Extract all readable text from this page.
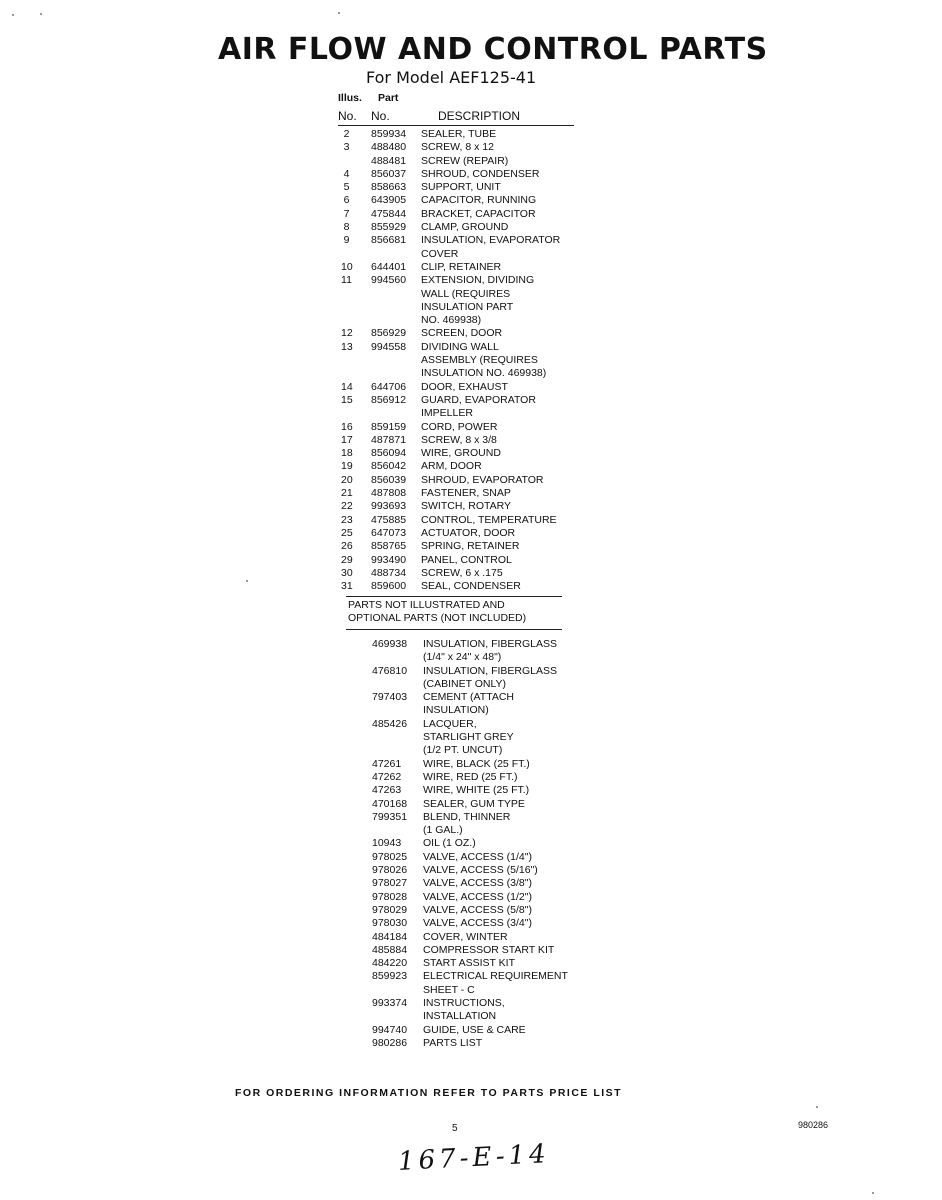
AIR FLOW AND CONTROL PARTS
For Model AEF125-41
Illus. Part
No. No.	DESCRIPTION
2	859934	SEALER, TUBE
3	488480	SCREW, 8 x 12
488481	SCREW (REPAIR)
4	856037	SHROUD, CONDENSER
5	858663	SUPPORT, UNIT
6	643905	CAPACITOR, RUNNING
7	475844	BRACKET, CAPACITOR
8	855929	CLAMP, GROUND
9	856681	INSULATION, EVAPORATOR
COVER
10	644401	CLIP, RETAINER
11	994560	EXTENSION, DIVIDING
WALL (REQUIRES
INSULATION PART
NO. 469938)
12	856929	SCREEN, DOOR
13	994558	DIVIDING WALL
ASSEMBLY (REQUIRES
INSULATION NO. 469938)
14	644706	DOOR, EXHAUST
15	856912	GUARD, EVAPORATOR
IMPELLER
16	859159	CORD, POWER
17	487871	SCREW, 8 x 3/8
18	856094	WIRE, GROUND
19	856042	ARM, DOOR
20	856039	SHROUD, EVAPORATOR
21	487808	FASTENER, SNAP
22	993693	SWITCH, ROTARY
23	475885	CONTROL, TEMPERATURE
25	647073	ACTUATOR, DOOR
26	858765	SPRING, RETAINER
29	993490	PANEL, CONTROL
30	488734	SCREW, 6 x .175
31	859600	SEAL, CONDENSER
PARTS NOT ILLUSTRATED AND
OPTIONAL PARTS (NOT INCLUDED)
469938	INSULATION, FIBERGLASS
(1/4" x 24" x 48")
476810	INSULATION, FIBERGLASS
(CABINET ONLY)
797403	CEMENT (ATTACH
INSULATION)
485426	LACQUER,
STARLIGHT GREY
(1/2 PT. UNCUT)
47261	WIRE, BLACK (25 FT.)
47262	WIRE, RED (25 FT.)
47263	WIRE, WHITE (25 FT.)
470168	SEALER, GUM TYPE
799351	BLEND, THINNER
(1 GAL.)
10943	OIL (1 OZ.)
978025	VALVE, ACCESS (1/4")
978026	VALVE, ACCESS (5/16")
978027	VALVE, ACCESS (3/8")
978028	VALVE, ACCESS (1/2")
978029	VALVE, ACCESS (5/8")
978030	VALVE, ACCESS (3/4")
484184	COVER, WINTER
485884	COMPRESSOR START KIT
484220	START ASSIST KIT
859923	ELECTRICAL REQUIREMENT
SHEET - C
993374	INSTRUCTIONS,
INSTALLATION
994740	GUIDE, USE & CARE
980286	PARTS LIST
FOR ORDERING INFORMATION REFER TO PARTS PRICE LIST
5	980286
167-E-14
